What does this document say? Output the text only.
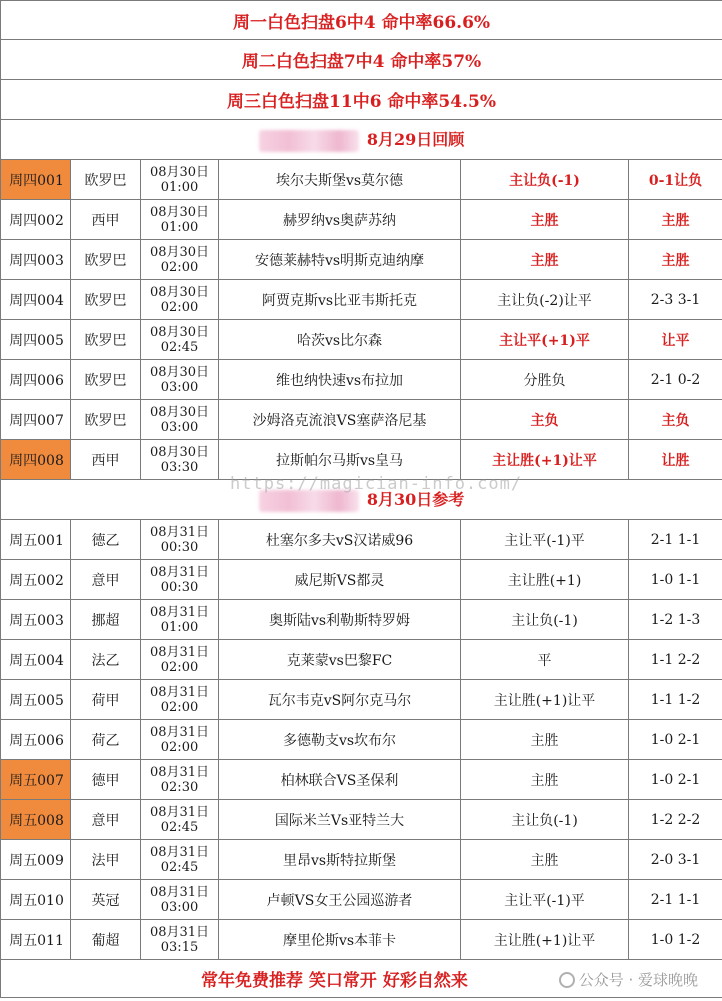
周一白色扫盘6中4 命中率66.6%					
周二白色扫盘7中4 命中率57%					
周三白色扫盘11中6 命中率54.5%					
8月29日回顾					
周四001	欧罗巴	08月30日
01:00	埃尔夫斯堡vs莫尔德	主让负(-1)	0-1让负
周四002	西甲	08月30日
01:00	赫罗纳vs奥萨苏纳	主胜	主胜
周四003	欧罗巴	08月30日
02:00	安德莱赫特vs明斯克迪纳摩	主胜	主胜
周四004	欧罗巴	08月30日
02:00	阿贾克斯vs比亚韦斯托克	主让负(-2)让平	2-3 3-1
周四005	欧罗巴	08月30日
02:45	哈茨vs比尔森	主让平(+1)平	让平
周四006	欧罗巴	08月30日
03:00	维也纳快速vs布拉加	分胜负	2-1 0-2
周四007	欧罗巴	08月30日
03:00	沙姆洛克流浪VS塞萨洛尼基	主负	主负
周四008	西甲	08月30日
03:30	拉斯帕尔马斯vs皇马	主让胜(+1)让平	让胜
8月30日参考					
周五001	德乙	08月31日
00:30	杜塞尔多夫vS汉诺威96	主让平(-1)平	2-1 1-1
周五002	意甲	08月31日
00:30	威尼斯VS都灵	主让胜(+1)	1-0 1-1
周五003	挪超	08月31日
01:00	奥斯陆vs利勒斯特罗姆	主让负(-1)	1-2 1-3
周五004	法乙	08月31日
02:00	克莱蒙vs巴黎FC	平	1-1 2-2
周五005	荷甲	08月31日
02:00	瓦尔韦克vS阿尔克马尔	主让胜(+1)让平	1-1 1-2
周五006	荷乙	08月31日
02:00	多德勒支vs坎布尔	主胜	1-0 2-1
周五007	德甲	08月31日
02:30	柏林联合VS圣保利	主胜	1-0 2-1
周五008	意甲	08月31日
02:45	国际米兰Vs亚特兰大	主让负(-1)	1-2 2-2
周五009	法甲	08月31日
02:45	里昂vs斯特拉斯堡	主胜	2-0 3-1
周五010	英冠	08月31日
03:00	卢顿VS女王公园巡游者	主让平(-1)平	2-1 1-1
周五011	葡超	08月31日
03:15	摩里伦斯vs本菲卡	主让胜(+1)让平	1-0 1-2
常年免费推荐 笑口常开 好彩自然来 公众号 · 爱球晚晚					
https://magician-info.com/
